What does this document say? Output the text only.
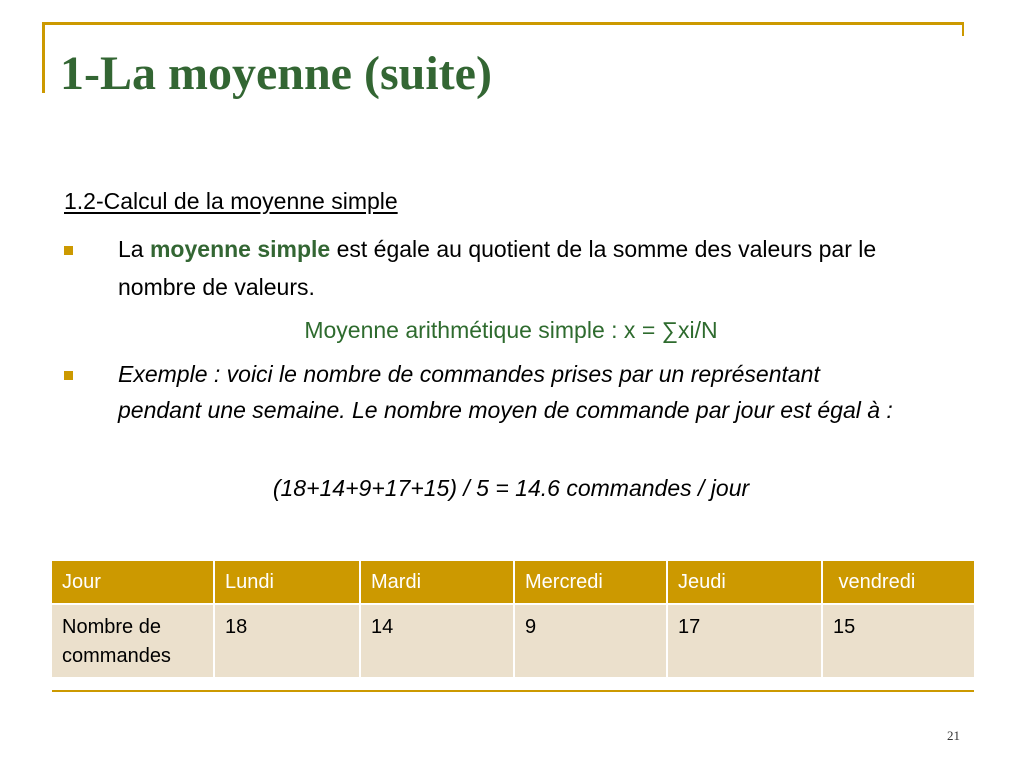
1-La moyenne (suite)
1.2-Calcul de la moyenne simple

La moyenne simple est égale au quotient de la somme des valeurs par le nombre de valeurs.

Moyenne arithmétique simple : x = ∑xi/N

Exemple : voici le nombre de commandes prises par un représentant pendant une semaine. Le nombre moyen de commande par jour est égal à :

(18+14+9+17+15) / 5 = 14.6 commandes / jour
Jour	Lundi	Mardi	Mercredi	Jeudi	vendredi
Nombre de commandes	18	14	9	17	15
21
